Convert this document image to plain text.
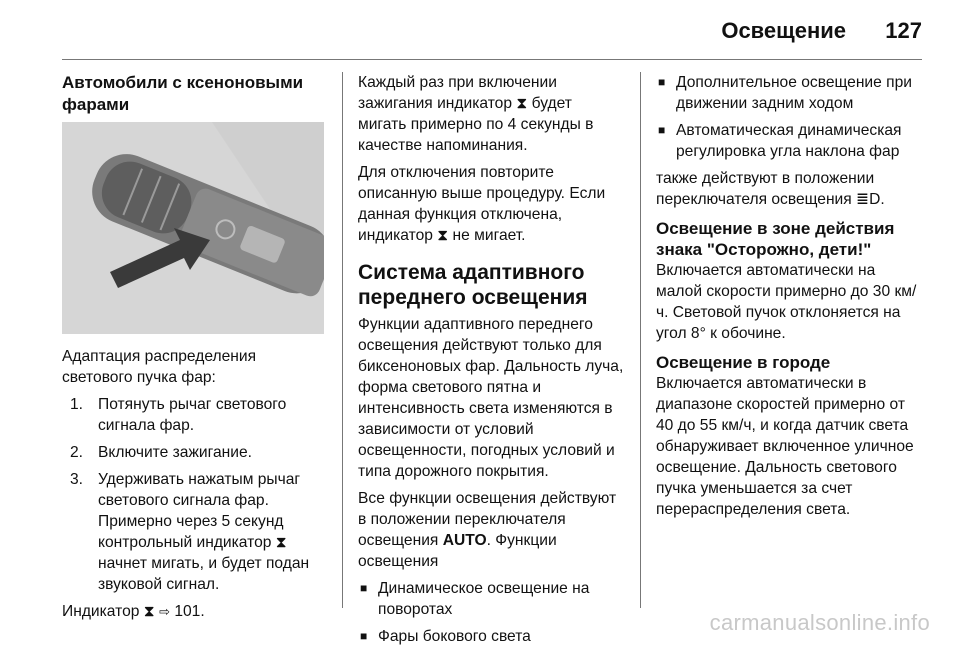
Освещение 127
Автомобили с ксеноновыми фарами

Адаптация распределения светового пучка фар:

1. Потянуть рычаг светового сигнала фар.
2. Включите зажигание.
3. Удерживать нажатым рычаг светового сигнала фар. Примерно через 5 секунд контрольный индикатор ⧗ начнет мигать, и будет подан звуковой сигнал.

Индикатор ⧗ ⇨ 101.

Каждый раз при включении зажигания индикатор ⧗ будет мигать примерно по 4 секунды в качестве напоминания.

Для отключения повторите описанную выше процедуру. Если данная функция отключена, индикатор ⧗ не мигает.

Система адаптивного переднего освещения

Функции адаптивного переднего освещения действуют только для биксеноновых фар. Дальность луча, форма светового пятна и интенсивность света изменяются в зависимости от условий освещенности, погодных условий и типа дорожного покрытия.

Все функции освещения действуют в положении переключателя освещения AUTO. Функции освещения

■ Динамическое освещение на поворотах
■ Фары бокового света
■ Дополнительное освещение при движении задним ходом
■ Автоматическая динамическая регулировка угла наклона фар

также действуют в положении переключателя освещения ≣D.

Освещение в зоне действия знака "Осторожно, дети!"

Включается автоматически на малой скорости примерно до 30 км/ч. Световой пучок отклоняется на угол 8° к обочине.

Освещение в городе

Включается автоматически в диапазоне скоростей примерно от 40 до 55 км/ч, и когда датчик света обнаруживает включенное уличное освещение. Дальность светового пучка уменьшается за счет перераспределения света.

carmanualsonline.info
